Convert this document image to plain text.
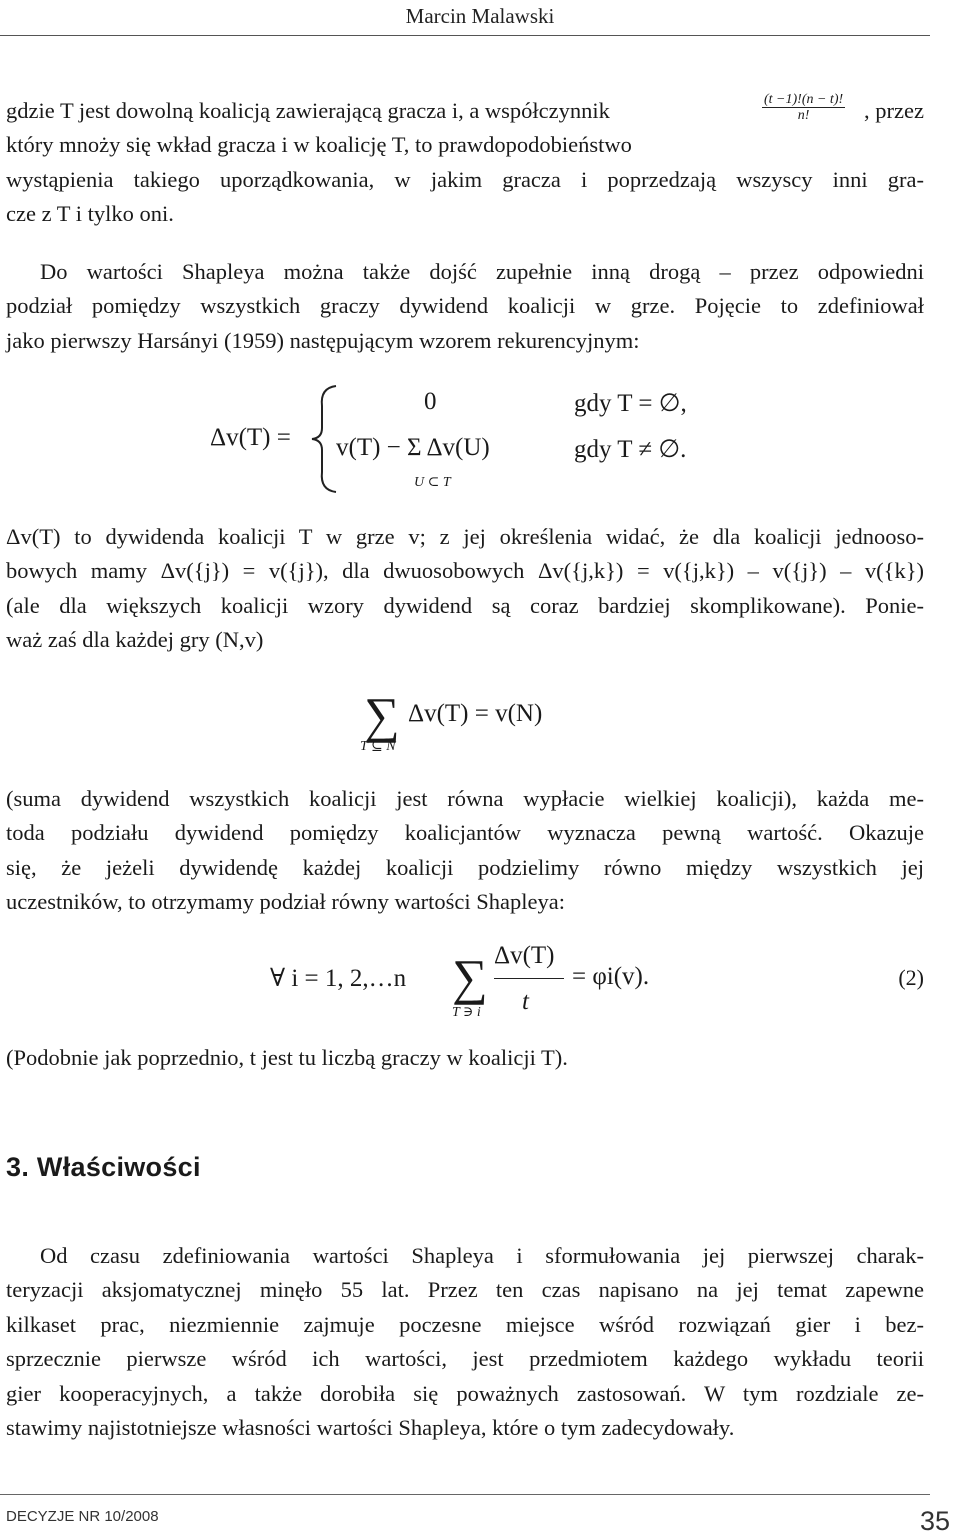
Marcin Malawski
gdzie T jest dowolną koalicją zawierającą gracza i, a współczynnik	$\frac{(t -1)!(n - t)!}{n!}$ , przez
który mnoży się wkład gracza i w koalicję T, to prawdopodobieństwo
wystąpienia takiego uporządkowania, w jakim gracza i poprzedzają wszyscy inni gra-
cze z T i tylko oni.
Do wartości Shapleya można także dojść zupełnie inną drogą – przez odpowiedni
podział pomiędzy wszystkich graczy dywidend koalicji w grze. Pojęcie to zdefiniował
jako pierwszy Harsányi (1959) następującym wzorem rekurencyjnym:
Δv(T) =
0	gdy T = ∅,
v(T) − Σ Δv(U)
U ⊂ T
gdy T ≠ ∅.
Δv(T) to dywidenda koalicji T w grze v; z jej określenia widać, że dla koalicji jednooso-
bowych mamy Δv({j}) = v({j}), dla dwuosobowych Δv({j,k}) = v({j,k}) – v({j}) – v({k})
(ale dla większych koalicji wzory dywidend są coraz bardziej skomplikowane). Ponie-
waż zaś dla każdej gry (N,v)
∑ Δv(T) = v(N)
T ⊆ N
(suma dywidend wszystkich koalicji jest równa wypłacie wielkiej koalicji), każda me-
toda podziału dywidend pomiędzy koalicjantów wyznacza pewną wartość. Okazuje
się, że jeżeli dywidendę każdej koalicji podzielimy równo między wszystkich jej
uczestników, to otrzymamy podział równy wartości Shapleya:
∀ i = 1, 2,…n ∑
T ∋ i
Δv(T)
t
= φi(v).	(2)
(Podobnie jak poprzednio, t jest tu liczbą graczy w koalicji T).
3. Właściwości
Od czasu zdefiniowania wartości Shapleya i sformułowania jej pierwszej charak-
teryzacji aksjomatycznej minęło 55 lat. Przez ten czas napisano na jej temat zapewne
kilkaset prac, niezmiennie zajmuje poczesne miejsce wśród rozwiązań gier i bez-
sprzecznie pierwsze wśród ich wartości, jest przedmiotem każdego wykładu teorii
gier kooperacyjnych, a także dorobiła się poważnych zastosowań. W tym rozdziale ze-
stawimy najistotniejsze własności wartości Shapleya, które o tym zadecydowały.
DECYZJE NR 10/2008	35
